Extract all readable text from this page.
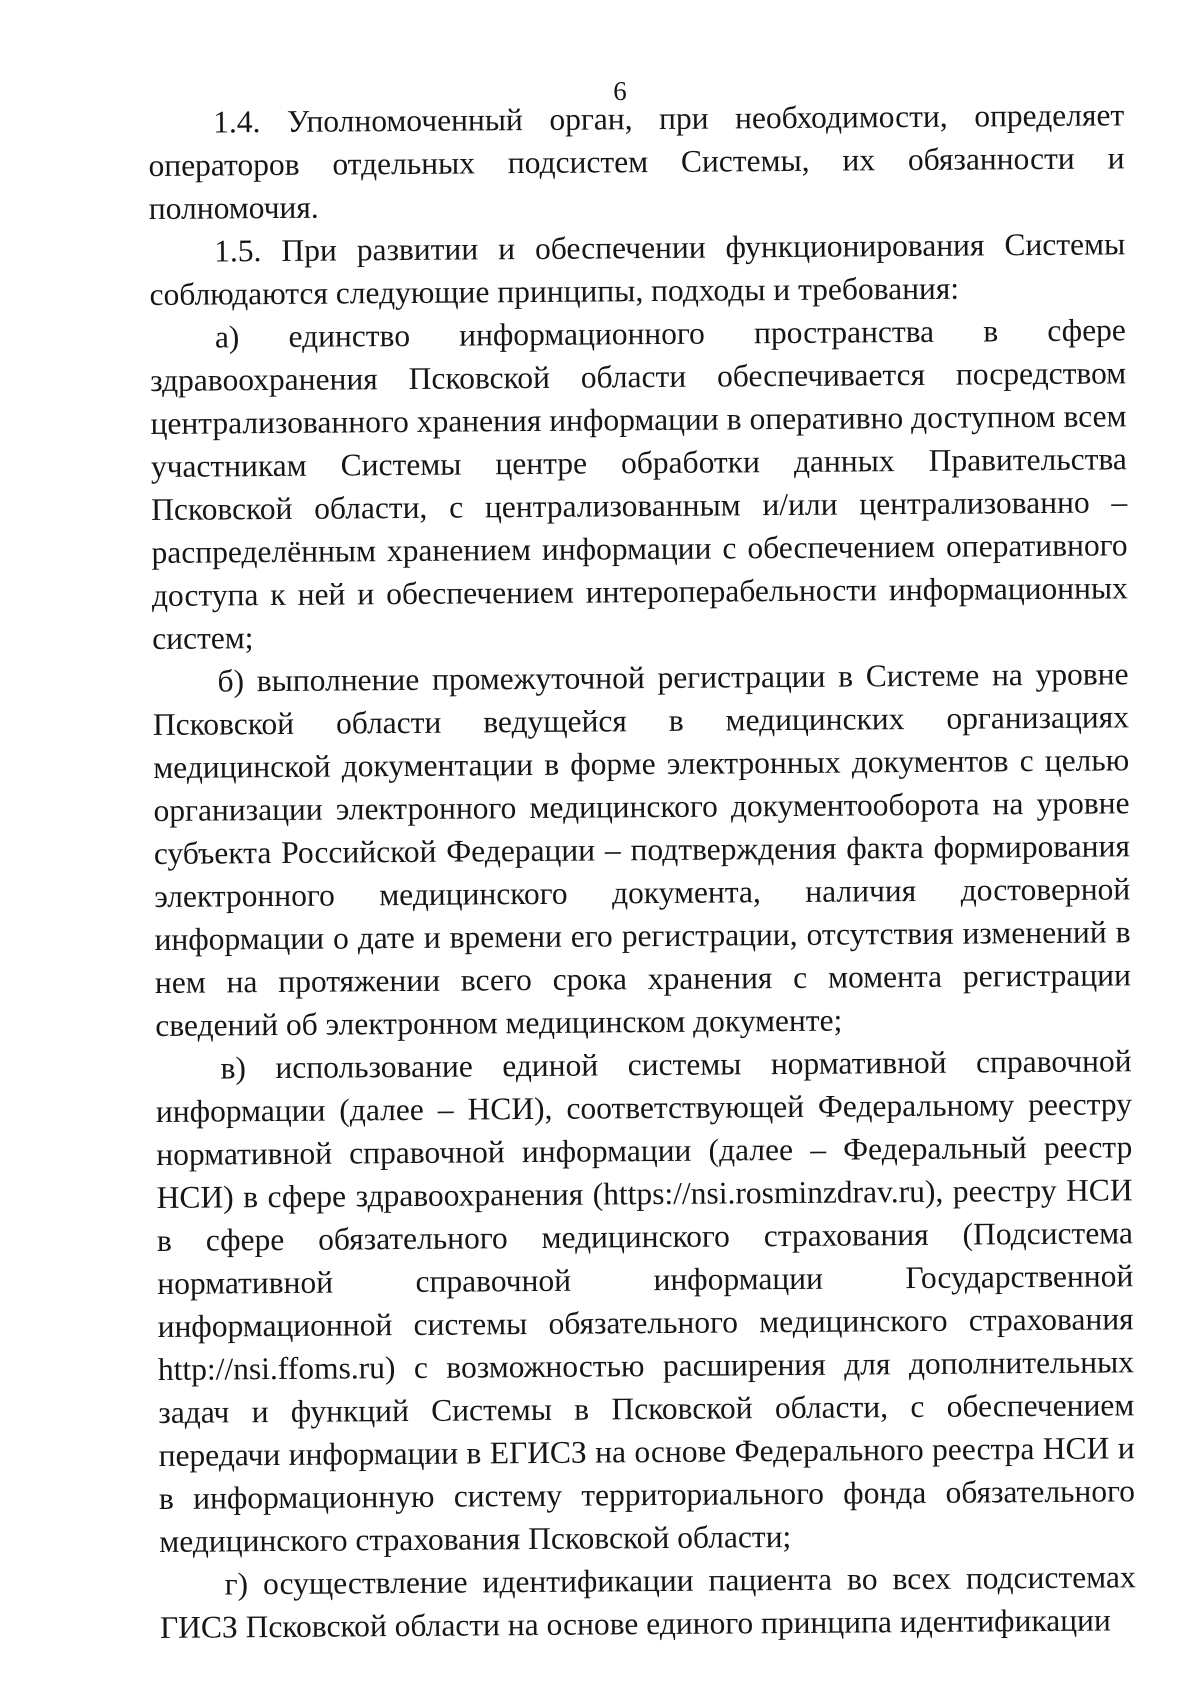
6

1.4. Уполномоченный орган, при необходимости, определяет операторов отдельных подсистем Системы, их обязанности и полномочия.

1.5. При развитии и обеспечении функционирования Системы соблюдаются следующие принципы, подходы и требования:

а) единство информационного пространства в сфере здравоохранения Псковской области обеспечивается посредством централизованного хранения информации в оперативно доступном всем участникам Системы центре обработки данных Правительства Псковской области, с централизованным и/или централизованно – распределённым хранением информации с обеспечением оперативного доступа к ней и обеспечением интероперабельности информационных систем;

б) выполнение промежуточной регистрации в Системе на уровне Псковской области ведущейся в медицинских организациях медицинской документации в форме электронных документов с целью организации электронного медицинского документооборота на уровне субъекта Российской Федерации – подтверждения факта формирования электронного медицинского документа, наличия достоверной информации о дате и времени его регистрации, отсутствия изменений в нем на протяжении всего срока хранения с момента регистрации сведений об электронном медицинском документе;

в) использование единой системы нормативной справочной информации (далее – НСИ), соответствующей Федеральному реестру нормативной справочной информации (далее – Федеральный реестр НСИ) в сфере здравоохранения (https://nsi.rosminzdrav.ru), реестру НСИ в сфере обязательного медицинского страхования (Подсистема нормативной справочной информации Государственной информационной системы обязательного медицинского страхования http://nsi.ffoms.ru) с возможностью расширения для дополнительных задач и функций Системы в Псковской области, с обеспечением передачи информации в ЕГИСЗ на основе Федерального реестра НСИ и в информационную систему территориального фонда обязательного медицинского страхования Псковской области;

г) осуществление идентификации пациента во всех подсистемах ГИСЗ Псковской области на основе единого принципа идентификации
